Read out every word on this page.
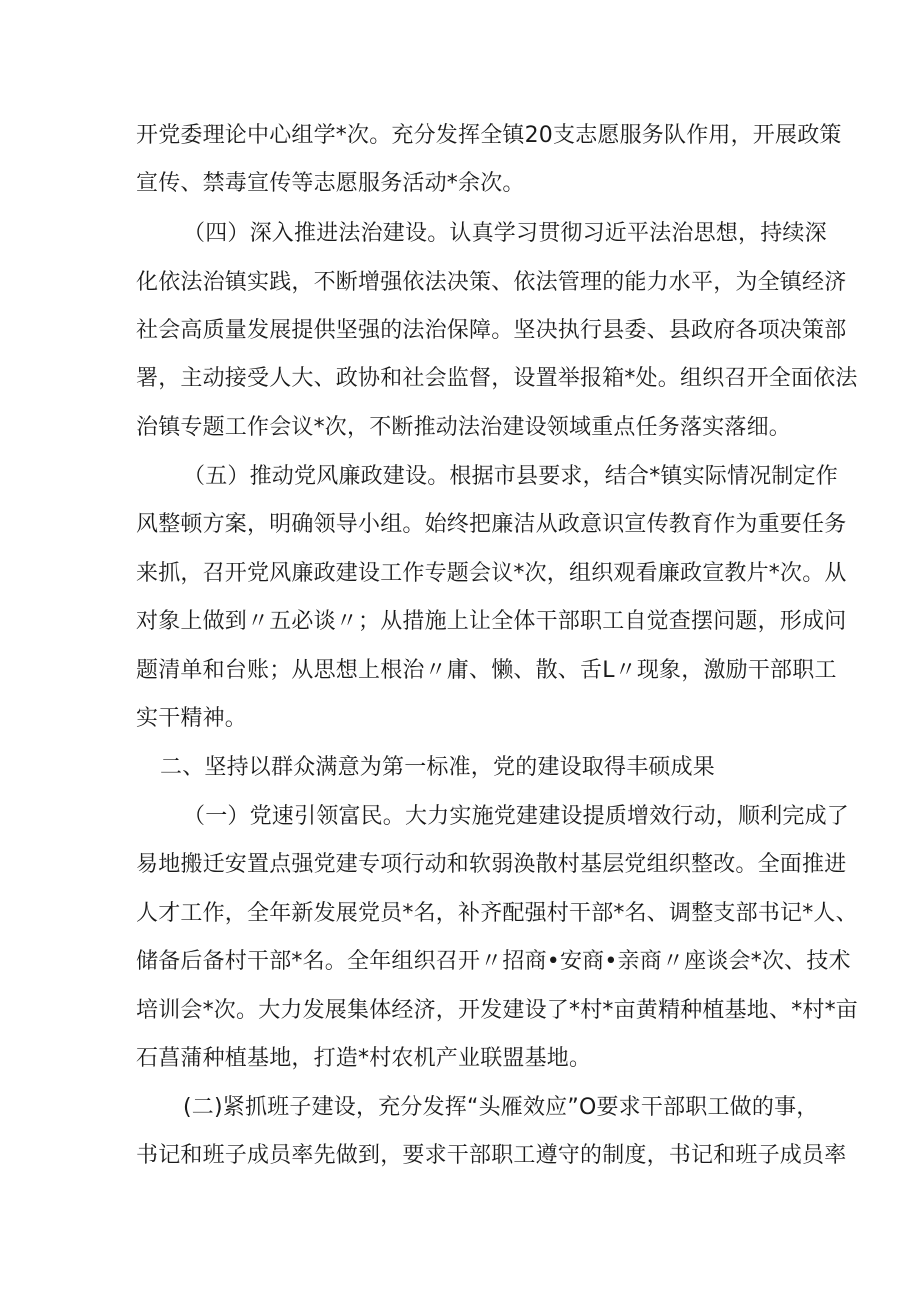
开党委理论中心组学*次。充分发挥全镇20支志愿服务队作用，开展政策
宣传、禁毒宣传等志愿服务活动*余次。
（四）深入推进法治建设。认真学习贯彻习近平法治思想，持续深
化依法治镇实践，不断增强依法决策、依法管理的能力水平，为全镇经济
社会高质量发展提供坚强的法治保障。坚决执行县委、县政府各项决策部
署，主动接受人大、政协和社会监督，设置举报箱*处。组织召开全面依法
治镇专题工作会议*次，不断推动法治建设领域重点任务落实落细。
（五）推动党风廉政建设。根据市县要求，结合*镇实际情况制定作
风整顿方案，明确领导小组。始终把廉洁从政意识宣传教育作为重要任务
来抓，召开党风廉政建设工作专题会议*次，组织观看廉政宣教片*次。从
对象上做到〃五必谈〃；从措施上让全体干部职工自觉查摆问题，形成问
题清单和台账；从思想上根治〃庸、懒、散、舌L〃现象，激励干部职工
实干精神。
二、坚持以群众满意为第一标准，党的建设取得丰硕成果
（一）党速引领富民。大力实施党建建设提质增效行动，顺利完成了
易地搬迁安置点强党建专项行动和软弱涣散村基层党组织整改。全面推进
人才工作，全年新发展党员*名，补齐配强村干部*名、调整支部书记*人、
储备后备村干部*名。全年组织召开〃招商•安商•亲商〃座谈会*次、技术
培训会*次。大力发展集体经济，开发建设了*村*亩黄精种植基地、*村*亩
石菖蒲种植基地，打造*村农机产业联盟基地。
(二)紧抓班子建设，充分发挥“头雁效应”O要求干部职工做的事，
书记和班子成员率先做到，要求干部职工遵守的制度，书记和班子成员率
